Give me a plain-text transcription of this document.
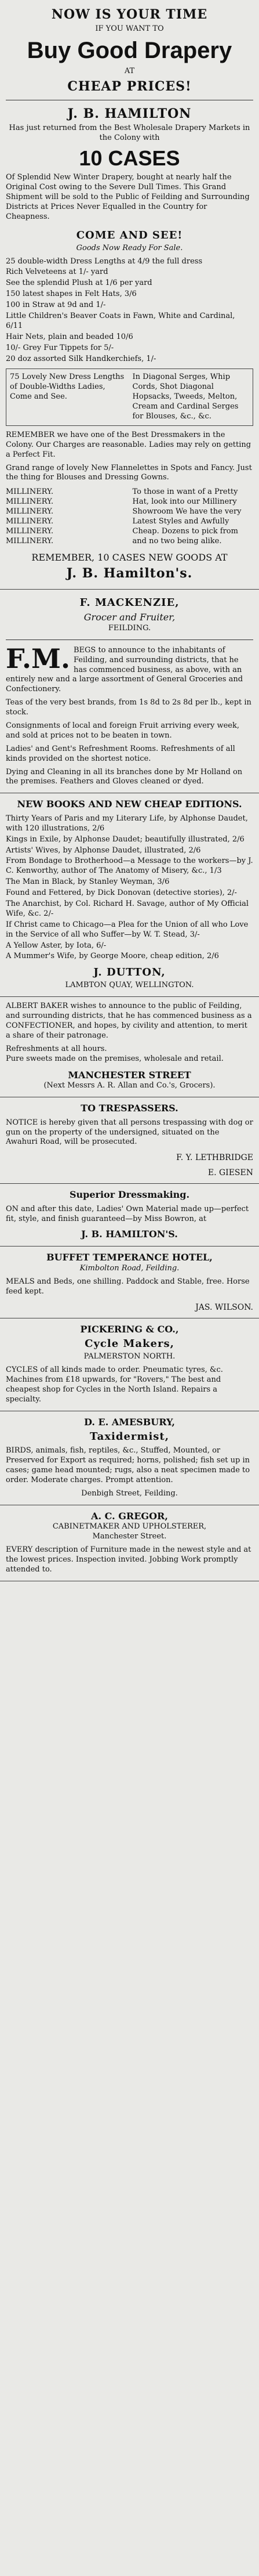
NOW IS YOUR TIME
IF YOU WANT TO
Buy Good Drapery
AT
CHEAP PRICES!
J. B. HAMILTON
Has just returned from the Best Wholesale Drapery Markets in the Colony with
10 CASES
Of Splendid New Winter Drapery, bought at nearly half the Original Cost owing to the Severe Dull Times. This Grand Shipment will be sold to the Public of Feilding and Surrounding Districts at Prices Never Equalled in the Country for Cheapness.
COME AND SEE!
Goods Now Ready For Sale.
25 double-width Dress Lengths at 4/9 the full dress
Rich Velveteens at 1/- yard
See the splendid Plush at 1/6 per yard
150 latest shapes in Felt Hats, 3/6
100 in Straw at 9d and 1/-
Little Children's Beaver Coats in Fawn, White and Cardinal, 6/11
Hair Nets, plain and beaded 10/6
10/- Grey Fur Tippets for 5/-
20 doz assorted Silk Handkerchiefs, 1/-
75 Lovely New Dress Lengths of Double-Widths Ladies, Come and See.
In Diagonal Serges, Whip Cords, Shot Diagonal Hopsacks, Tweeds, Melton, Cream and Cardinal Serges for Blouses, &c., &c.
REMEMBER we have one of the Best Dressmakers in the Colony. Our Charges are reasonable. Ladies may rely on getting a Perfect Fit.
Grand range of lovely New Flannelettes in Spots and Fancy. Just the thing for Blouses and Dressing Gowns.
MILLINERY.
MILLINERY.
MILLINERY.
MILLINERY.
MILLINERY.
MILLINERY.
To those in want of a Pretty Hat, look into our Millinery Showroom We have the very Latest Styles and Awfully Cheap. Dozens to pick from and no two being alike.
REMEMBER, 10 CASES NEW GOODS AT
J. B. Hamilton's.
F. MACKENZIE,
Grocer and Fruiter,
FEILDING.
F.M. BEGS to announce to the inhabitants of Feilding, and surrounding districts, that he has commenced business, as above, with an entirely new and a large assortment of General Groceries and Confectionery.
Teas of the very best brands, from 1s 8d to 2s 8d per lb., kept in stock.
Consignments of local and foreign Fruit arriving every week, and sold at prices not to be beaten in town.
Ladies' and Gent's Refreshment Rooms. Refreshments of all kinds provided on the shortest notice.
Dying and Cleaning in all its branches done by Mr Holland on the premises. Feathers and Gloves cleaned or dyed.
NEW BOOKS AND NEW CHEAP EDITIONS.
Thirty Years of Paris and my Literary Life, by Alphonse Daudet, with 120 illustrations, 2/6
Kings in Exile, by Alphonse Daudet; beautifully illustrated, 2/6
Artists' Wives, by Alphonse Daudet, illustrated, 2/6
From Bondage to Brotherhood—a Message to the workers—by J. C. Kenworthy, author of The Anatomy of Misery, &c., 1/3
The Man in Black, by Stanley Weyman, 3/6
Found and Fettered, by Dick Donovan (detective stories), 2/-
The Anarchist, by Col. Richard H. Savage, author of My Official Wife, &c. 2/-
If Christ came to Chicago—a Plea for the Union of all who Love in the Service of all who Suffer—by W. T. Stead, 3/-
A Yellow Aster, by Iota, 6/-
A Mummer's Wife, by George Moore, cheap edition, 2/6
J. DUTTON,
LAMBTON QUAY, WELLINGTON.
ALBERT BAKER wishes to announce to the public of Feilding, and surrounding districts, that he has commenced business as a CONFECTIONER, and hopes, by civility and attention, to merit a share of their patronage.
Refreshments at all hours.
Pure sweets made on the premises, wholesale and retail.
MANCHESTER STREET
(Next Messrs A. R. Allan and Co.'s, Grocers).
TO TRESPASSERS.
NOTICE is hereby given that all persons trespassing with dog or gun on the property of the undersigned, situated on the Awahuri Road, will be prosecuted.
F. Y. LETHBRIDGE
E. GIESEN
Superior Dressmaking.
ON and after this date, Ladies' Own Material made up—perfect fit, style, and finish guaranteed—by Miss Bowron, at
J. B. HAMILTON'S.
BUFFET TEMPERANCE HOTEL,
Kimbolton Road, Feilding.
MEALS and Beds, one shilling. Paddock and Stable, free. Horse feed kept.
JAS. WILSON.
PICKERING & CO.,
Cycle Makers,
PALMERSTON NORTH.
CYCLES of all kinds made to order. Pneumatic tyres, &c. Machines from £18 upwards, for "Rovers," The best and cheapest shop for Cycles in the North Island. Repairs a specialty.
D. E. AMESBURY,
Taxidermist,
BIRDS, animals, fish, reptiles, &c., Stuffed, Mounted, or Preserved for Export as required; horns, polished; fish set up in cases; game head mounted; rugs, also a neat specimen made to order. Moderate charges. Prompt attention.
Denbigh Street, Feilding.
A. C. GREGOR,
CABINETMAKER AND UPHOLSTERER,
Manchester Street.
EVERY description of Furniture made in the newest style and at the lowest prices. Inspection invited. Jobbing Work promptly attended to.
